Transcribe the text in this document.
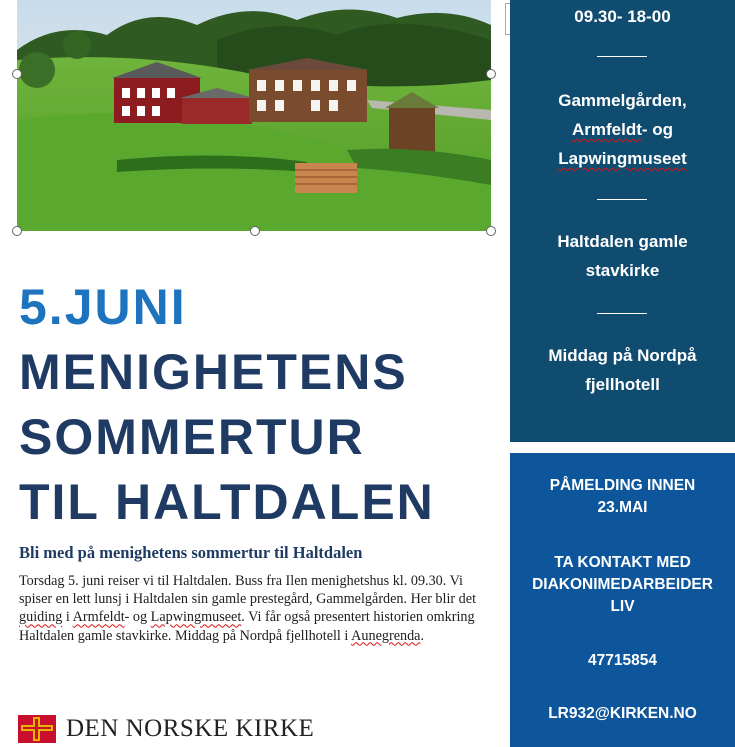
5.JUNI
MENIGHETENS
SOMMERTUR
TIL HALTDALEN
Bli med på menighetens sommertur til Haltdalen
Torsdag 5. juni reiser vi til Haltdalen. Buss fra Ilen menighetshus kl. 09.30. Vi spiser en lett lunsj i Haltdalen sin gamle prestegård, Gammelgården. Her blir det guiding i Armfeldt- og Lapwingmuseet. Vi får også presentert historien omkring Haltdalen gamle stavkirke. Middag på Nordpå fjellhotell i Aunegrenda.
DEN NORSKE KIRKE
09.30- 18-00
Gammelgården,
Armfeldt- og
Lapwingmuseet
Haltdalen gamle
stavkirke
Middag på Nordpå
fjellhotell
PÅMELDING INNEN
23.MAI
TA KONTAKT MED
DIAKONIMEDARBEIDER
LIV
47715854
LR932@KIRKEN.NO
